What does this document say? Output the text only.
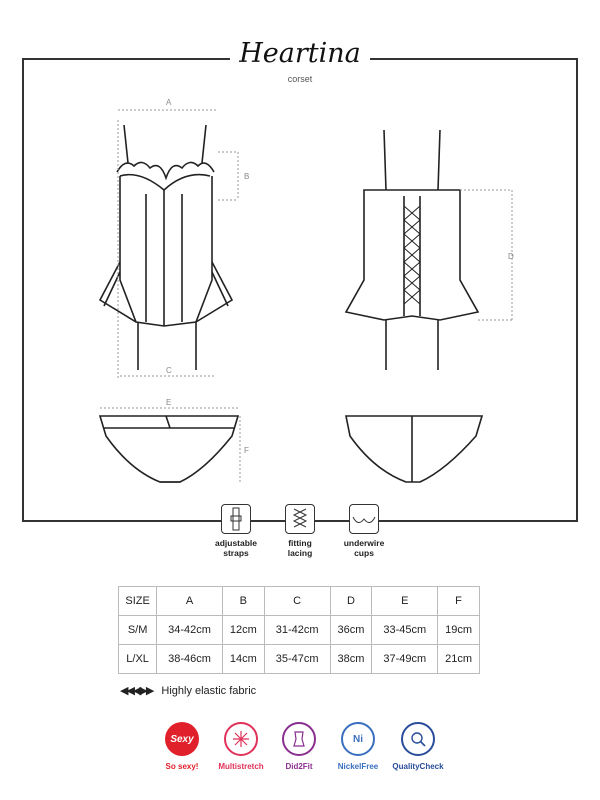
Heartina
corset
A
B
C
D
E
F
adjustable
straps
fitting
lacing
underwire
cups
SIZE	A	B	C	D	E	F
S/M	34-42cm	12cm	31-42cm	36cm	33-45cm	19cm
L/XL	38-46cm	14cm	35-47cm	38cm	37-49cm	21cm
◀◀◀▶▶ Highly elastic fabric
Sexy
So sexy!	Multistretch	Did2Fit
Ni
NickelFree	QualityCheck
